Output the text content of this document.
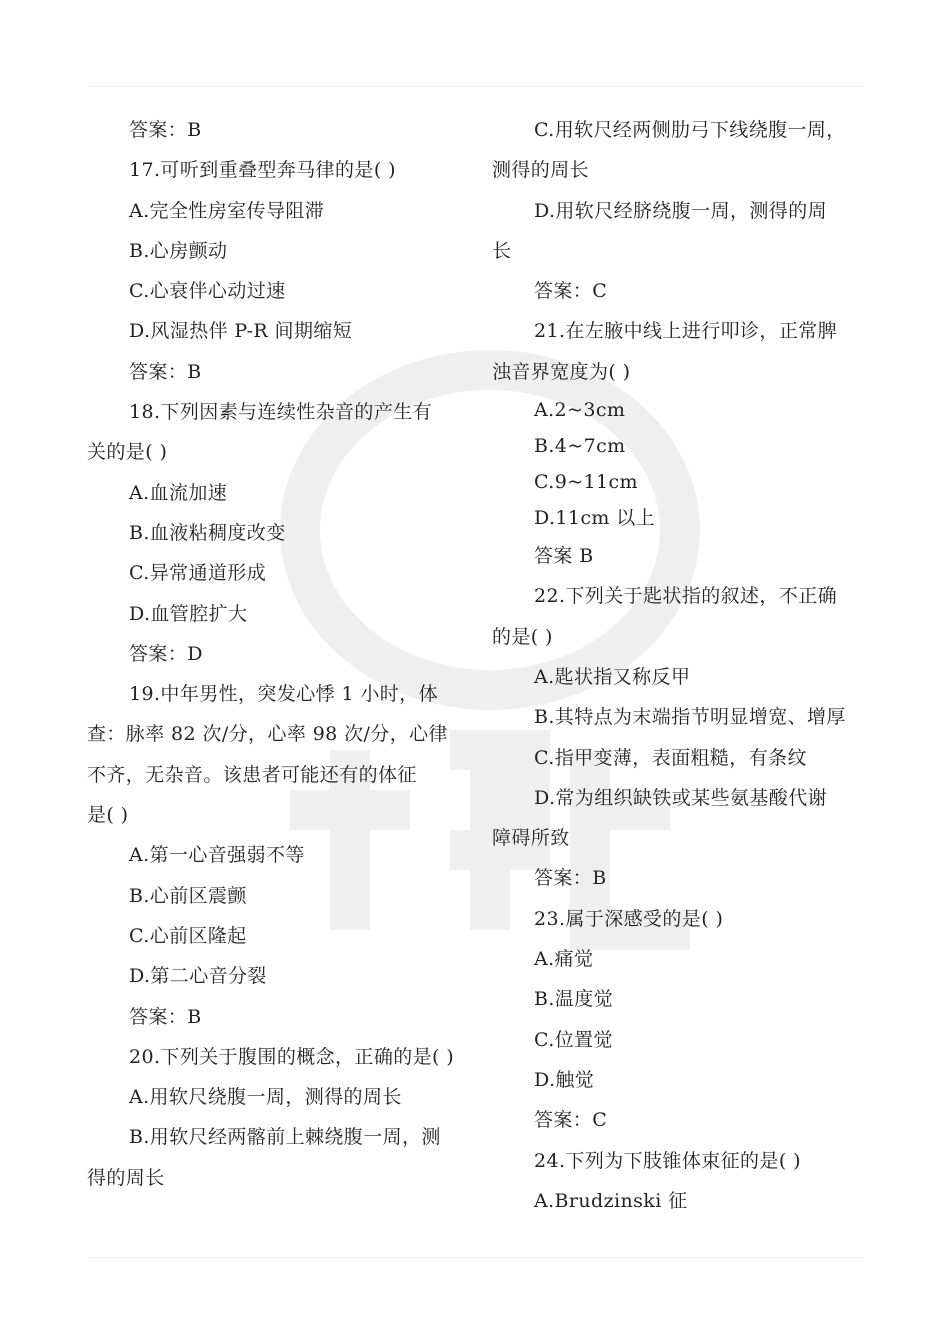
答案：B
17.可听到重叠型奔马律的是( )
A.完全性房室传导阻滞
B.心房颤动
C.心衰伴心动过速
D.风湿热伴 P-R 间期缩短
答案：B
18.下列因素与连续性杂音的产生有
关的是( )
A.血流加速
B.血液粘稠度改变
C.异常通道形成
D.血管腔扩大
答案：D
19.中年男性，突发心悸 1 小时，体
查：脉率 82 次/分，心率 98 次/分，心律
不齐，无杂音。该患者可能还有的体征
是( )
A.第一心音强弱不等
B.心前区震颤
C.心前区隆起
D.第二心音分裂
答案：B
20.下列关于腹围的概念，正确的是( )
A.用软尺绕腹一周，测得的周长
B.用软尺经两髂前上棘绕腹一周，测
得的周长
C.用软尺经两侧肋弓下线绕腹一周，
测得的周长
D.用软尺经脐绕腹一周，测得的周
长
答案：C
21.在左腋中线上进行叩诊，正常脾
浊音界宽度为( )
A.2~3cm
B.4~7cm
C.9~11cm
D.11cm 以上
答案 B
22.下列关于匙状指的叙述，不正确
的是( )
A.匙状指又称反甲
B.其特点为末端指节明显增宽、增厚
C.指甲变薄，表面粗糙，有条纹
D.常为组织缺铁或某些氨基酸代谢
障碍所致
答案：B
23.属于深感受的是( )
A.痛觉
B.温度觉
C.位置觉
D.触觉
答案：C
24.下列为下肢锥体束征的是( )
A.Brudzinski 征
